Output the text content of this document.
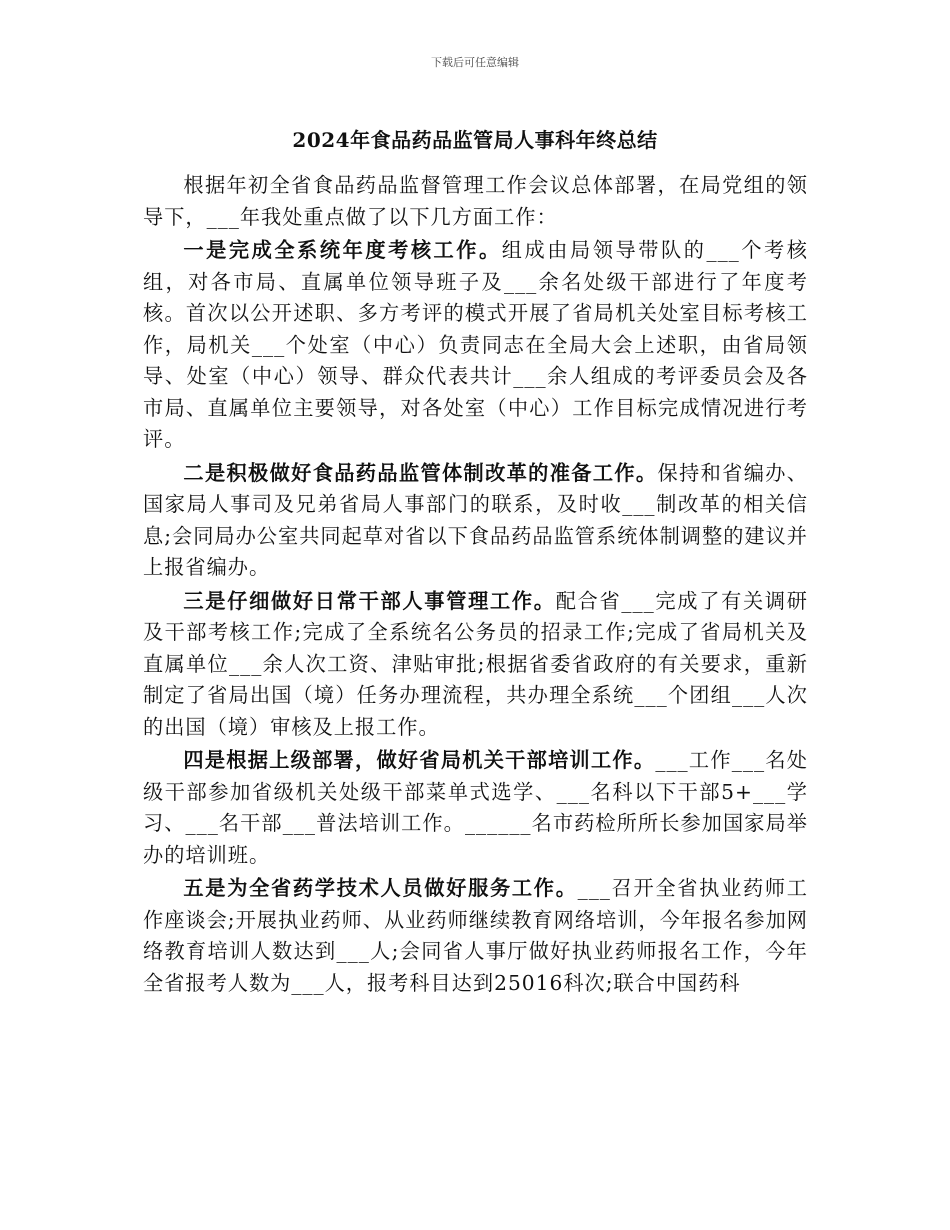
下载后可任意编辑
2024年食品药品监管局人事科年终总结

根据年初全省食品药品监督管理工作会议总体部署，在局党组的领导下，___年我处重点做了以下几方面工作：

一是完成全系统年度考核工作。组成由局领导带队的___个考核组，对各市局、直属单位领导班子及___余名处级干部进行了年度考核。首次以公开述职、多方考评的模式开展了省局机关处室目标考核工作，局机关___个处室（中心）负责同志在全局大会上述职，由省局领导、处室（中心）领导、群众代表共计___余人组成的考评委员会及各市局、直属单位主要领导，对各处室（中心）工作目标完成情况进行考评。

二是积极做好食品药品监管体制改革的准备工作。保持和省编办、国家局人事司及兄弟省局人事部门的联系，及时收___制改革的相关信息;会同局办公室共同起草对省以下食品药品监管系统体制调整的建议并上报省编办。

三是仔细做好日常干部人事管理工作。配合省___完成了有关调研及干部考核工作;完成了全系统名公务员的招录工作;完成了省局机关及直属单位___余人次工资、津贴审批;根据省委省政府的有关要求，重新制定了省局出国（境）任务办理流程，共办理全系统___个团组___人次的出国（境）审核及上报工作。

四是根据上级部署，做好省局机关干部培训工作。___工作___名处级干部参加省级机关处级干部菜单式选学、___名科以下干部5+___学习、___名干部___普法培训工作。______名市药检所所长参加国家局举办的培训班。

五是为全省药学技术人员做好服务工作。___召开全省执业药师工作座谈会;开展执业药师、从业药师继续教育网络培训，今年报名参加网络教育培训人数达到___人;会同省人事厅做好执业药师报名工作，今年全省报考人数为___人，报考科目达到25016科次;联合中国药科
